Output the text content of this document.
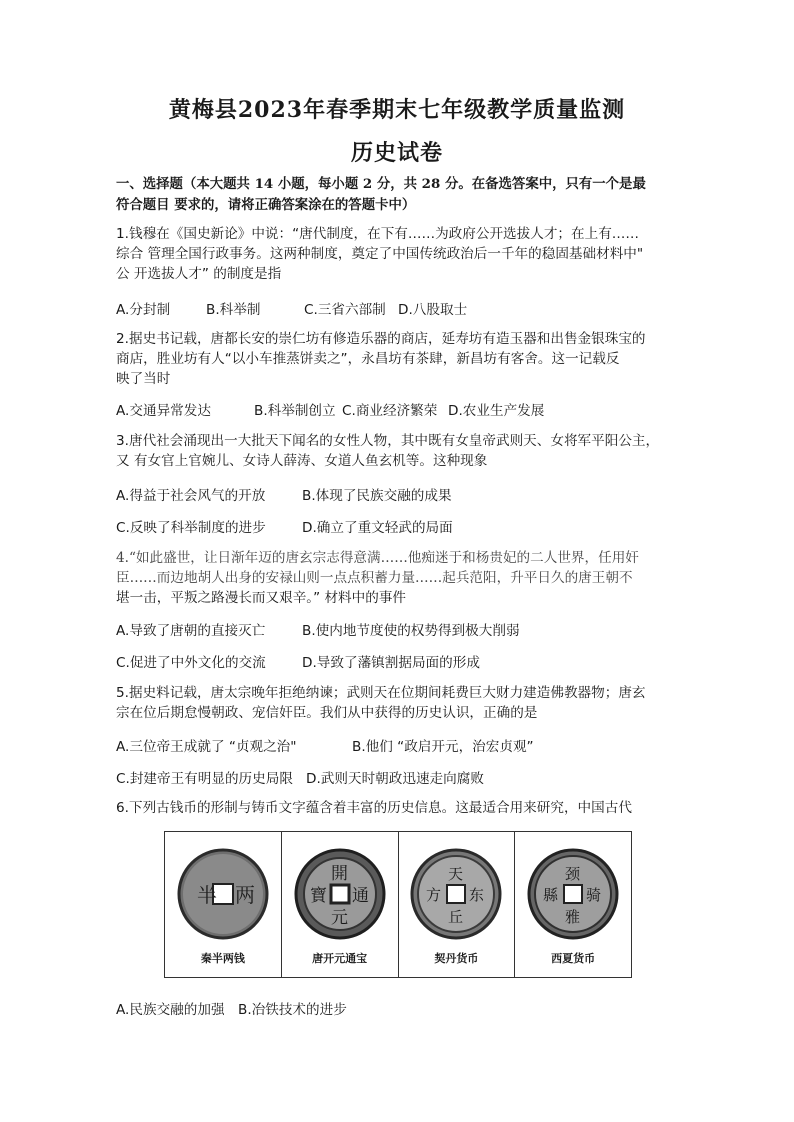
黄梅县2023年春季期末七年级教学质量监测
历史试卷
一、选择题（本大题共 14 小题，每小题 2 分，共 28 分。在备选答案中，只有一个是最
符合题目 要求的，请将正确答案涂在的答题卡中）
1.钱穆在《国史新论》中说：“唐代制度，在下有……为政府公开选拔人才；在上有……
综合 管理全国行政事务。这两种制度，奠定了中国传统政治后一千年的稳固基础材料中"
公 开选拔人才” 的制度是指
A.分封制	B.科举制	C.三省六部制 D.八股取士
2.据史书记载，唐都长安的崇仁坊有修造乐器的商店，延寿坊有造玉器和出售金银珠宝的
商店，胜业坊有人“以小车推蒸饼卖之”，永昌坊有茶肆，新昌坊有客舍。这一记载反
映了当时
A.交通异常发达	B.科举制创立 C.商业经济繁荣 D.农业生产发展
3.唐代社会涌现出一大批天下闻名的女性人物，其中既有女皇帝武则天、女将军平阳公主，
又 有女官上官婉儿、女诗人薛涛、女道人鱼玄机等。这种现象
A.得益于社会风气的开放	B.体现了民族交融的成果
C.反映了科举制度的进步	D.确立了重文轻武的局面
4.“如此盛世，让日渐年迈的唐玄宗志得意满……他痴迷于和杨贵妃的二人世界，任用奸
臣……而边地胡人出身的安禄山则一点点积蓄力量……起兵范阳，升平日久的唐王朝不
堪一击，平叛之路漫长而又艰辛。” 材料中的事件
A.导致了唐朝的直接灭亡	B.使内地节度使的权势得到极大削弱
C.促进了中外文化的交流	D.导致了藩镇割据局面的形成
5.据史料记载，唐太宗晚年拒绝纳谏；武则天在位期间耗费巨大财力建造佛教器物；唐玄
宗在位后期怠慢朝政、宠信奸臣。我们从中获得的历史认识，正确的是
A.三位帝王成就了 “贞观之治"	B.他们 “政启开元，治宏贞观”
C.封建帝王有明显的历史局限 D.武则天时朝政迅速走向腐败
6.下列古钱币的形制与铸币文字蕴含着丰富的历史信息。这最适合用来研究，中国古代
半 两
秦半两钱
開
元
通
寶
唐开元通宝
天
丘
方 东
契丹货币
颈
雅
縣 骑
西夏货币
A.民族交融的加强 B.冶铁技术的进步
